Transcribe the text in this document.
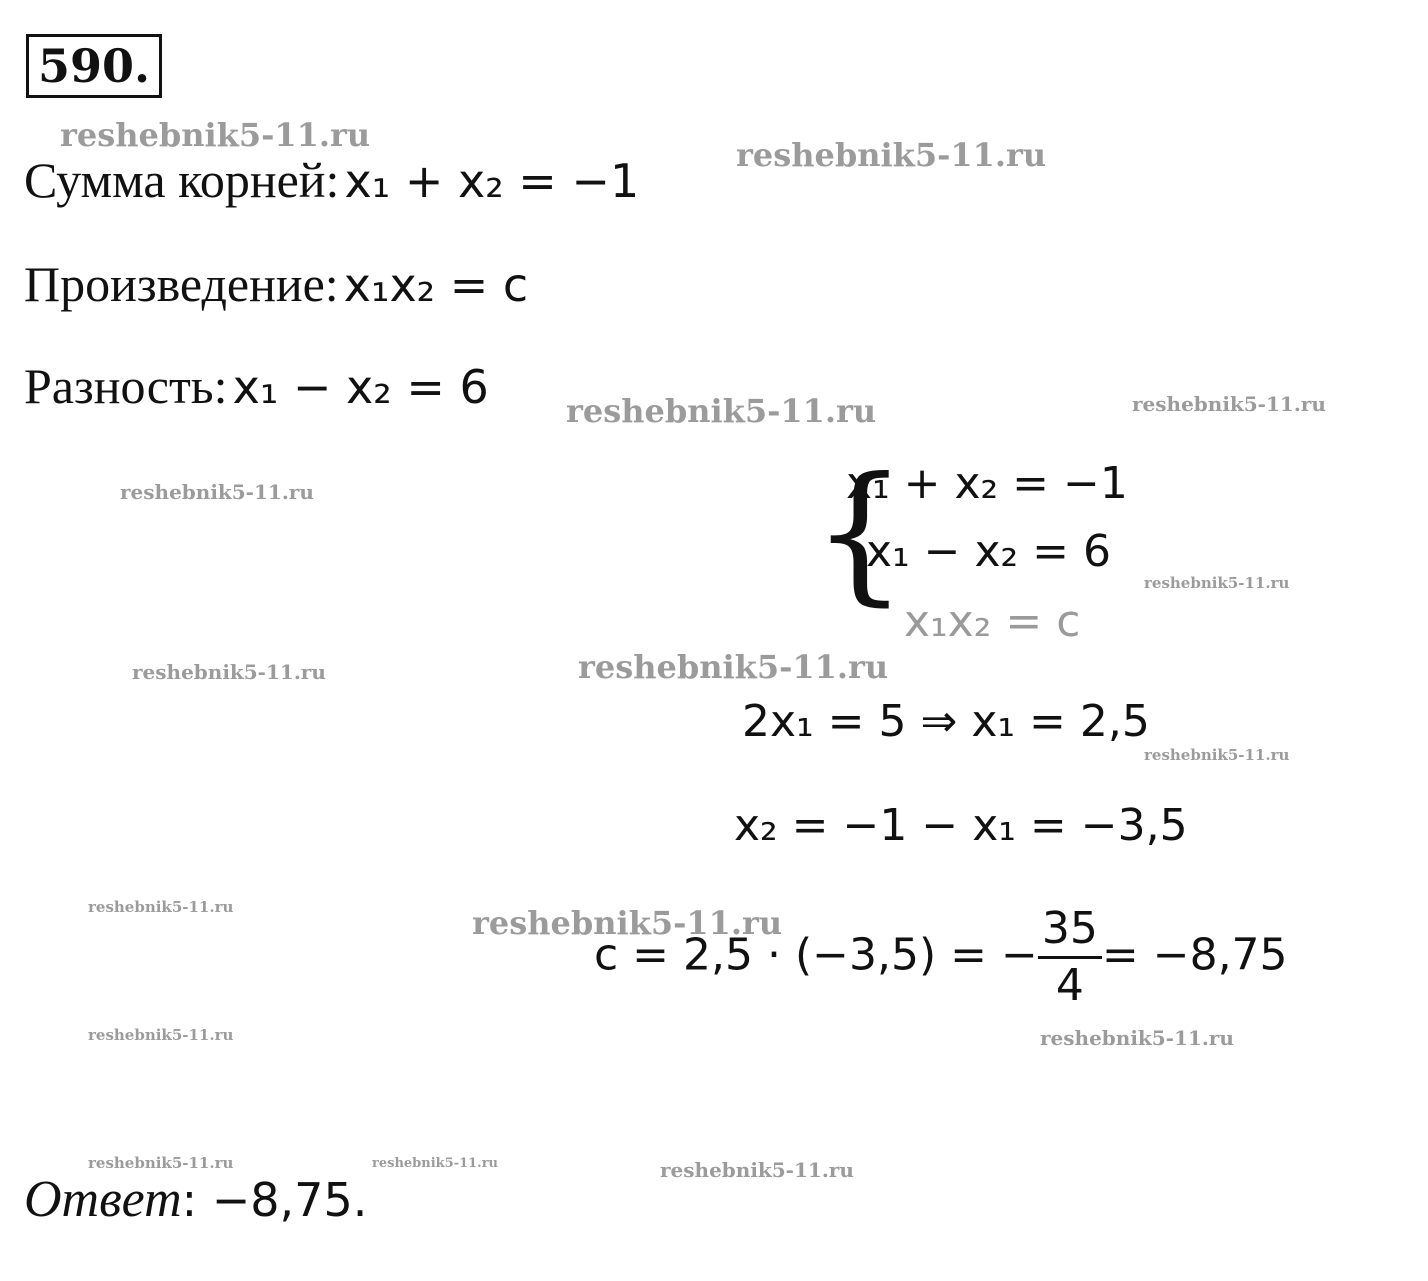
590.
reshebnik5-11.ru
reshebnik5-11.ru
reshebnik5-11.ru	reshebnik5-11.ru
reshebnik5-11.ru
reshebnik5-11.ru
reshebnik5-11.ru	reshebnik5-11.ru
reshebnik5-11.ru
reshebnik5-11.ru	reshebnik5-11.ru
reshebnik5-11.ru	reshebnik5-11.ru
reshebnik5-11.ru	reshebnik5-11.ru	reshebnik5-11.ru
Сумма корней: x₁ + x₂ = −1
Произведение: x₁x₂ = c
Разность: x₁ − x₂ = 6
{
x₁ + x₂ = −1
x₁ − x₂ = 6
x₁x₂ = c
2x₁ = 5 ⇒ x₁ = 2,5
x₂ = −1 − x₁ = −3,5
c = 2,5 · (−3,5) = − $\frac{35}{4} = -8,75$
Ответ: −8,75.
